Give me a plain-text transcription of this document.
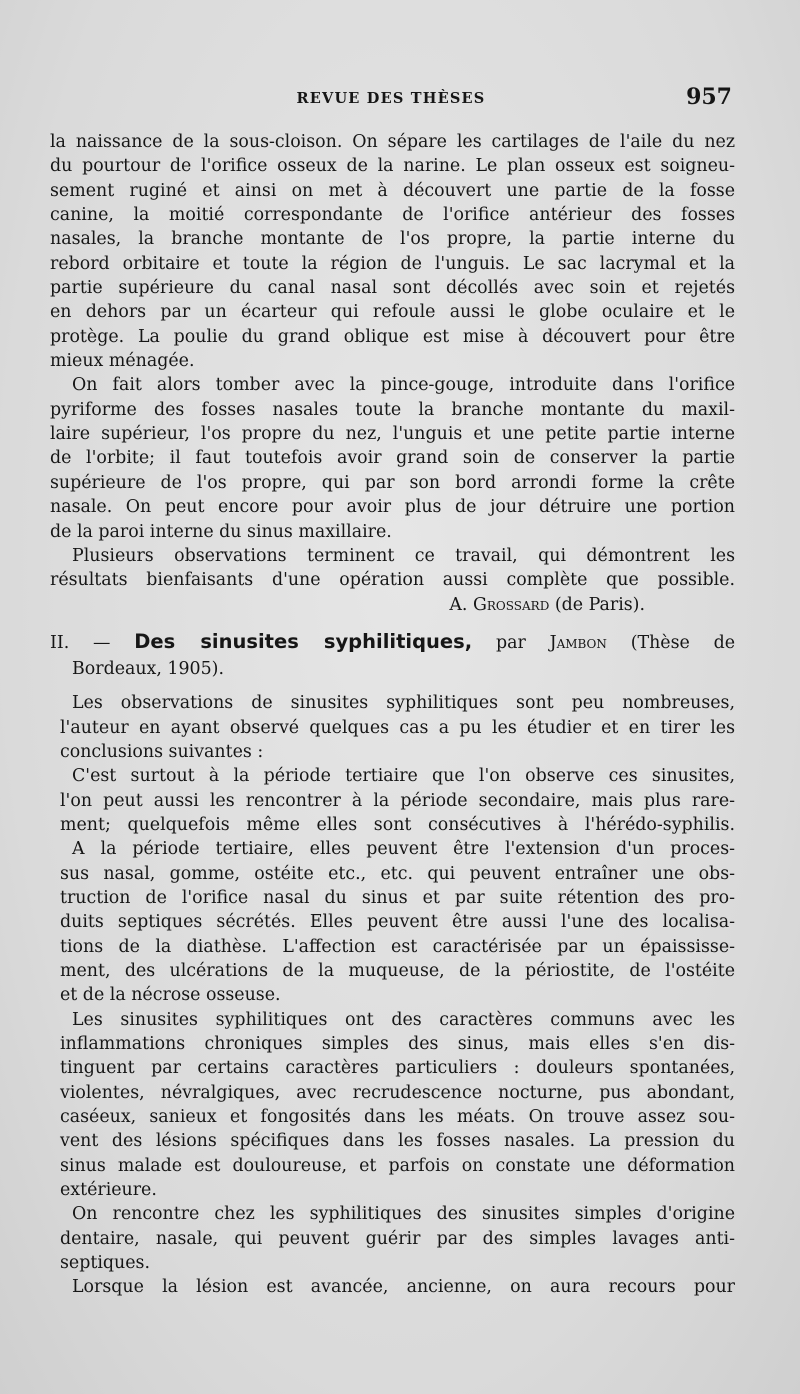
REVUE DES THÈSES	957
la naissance de la sous-cloison. On sépare les cartilages de l'aile du nez
du pourtour de l'orifice osseux de la narine. Le plan osseux est soigneu-
sement ruginé et ainsi on met à découvert une partie de la fosse
canine, la moitié correspondante de l'orifice antérieur des fosses
nasales, la branche montante de l'os propre, la partie interne du
rebord orbitaire et toute la région de l'unguis. Le sac lacrymal et la
partie supérieure du canal nasal sont décollés avec soin et rejetés
en dehors par un écarteur qui refoule aussi le globe oculaire et le
protège. La poulie du grand oblique est mise à découvert pour être
mieux ménagée.
On fait alors tomber avec la pince-gouge, introduite dans l'orifice
pyriforme des fosses nasales toute la branche montante du maxil-
laire supérieur, l'os propre du nez, l'unguis et une petite partie interne
de l'orbite; il faut toutefois avoir grand soin de conserver la partie
supérieure de l'os propre, qui par son bord arrondi forme la crête
nasale. On peut encore pour avoir plus de jour détruire une portion
de la paroi interne du sinus maxillaire.
Plusieurs observations terminent ce travail, qui démontrent les
résultats bienfaisants d'une opération aussi complète que possible.
A. Grossard (de Paris).
II. — Des sinusites syphilitiques, par Jambon (Thèse de
Bordeaux, 1905).
Les observations de sinusites syphilitiques sont peu nombreuses,
l'auteur en ayant observé quelques cas a pu les étudier et en tirer les
conclusions suivantes :
C'est surtout à la période tertiaire que l'on observe ces sinusites,
l'on peut aussi les rencontrer à la période secondaire, mais plus rare-
ment; quelquefois même elles sont consécutives à l'hérédo-syphilis.
A la période tertiaire, elles peuvent être l'extension d'un proces-
sus nasal, gomme, ostéite etc., etc. qui peuvent entraîner une obs-
truction de l'orifice nasal du sinus et par suite rétention des pro-
duits septiques sécrétés. Elles peuvent être aussi l'une des localisa-
tions de la diathèse. L'affection est caractérisée par un épaississe-
ment, des ulcérations de la muqueuse, de la périostite, de l'ostéite
et de la nécrose osseuse.
Les sinusites syphilitiques ont des caractères communs avec les
inflammations chroniques simples des sinus, mais elles s'en dis-
tinguent par certains caractères particuliers : douleurs spontanées,
violentes, névralgiques, avec recrudescence nocturne, pus abondant,
caséeux, sanieux et fongosités dans les méats. On trouve assez sou-
vent des lésions spécifiques dans les fosses nasales. La pression du
sinus malade est douloureuse, et parfois on constate une déformation
extérieure.
On rencontre chez les syphilitiques des sinusites simples d'origine
dentaire, nasale, qui peuvent guérir par des simples lavages anti-
septiques.
Lorsque la lésion est avancée, ancienne, on aura recours pour
